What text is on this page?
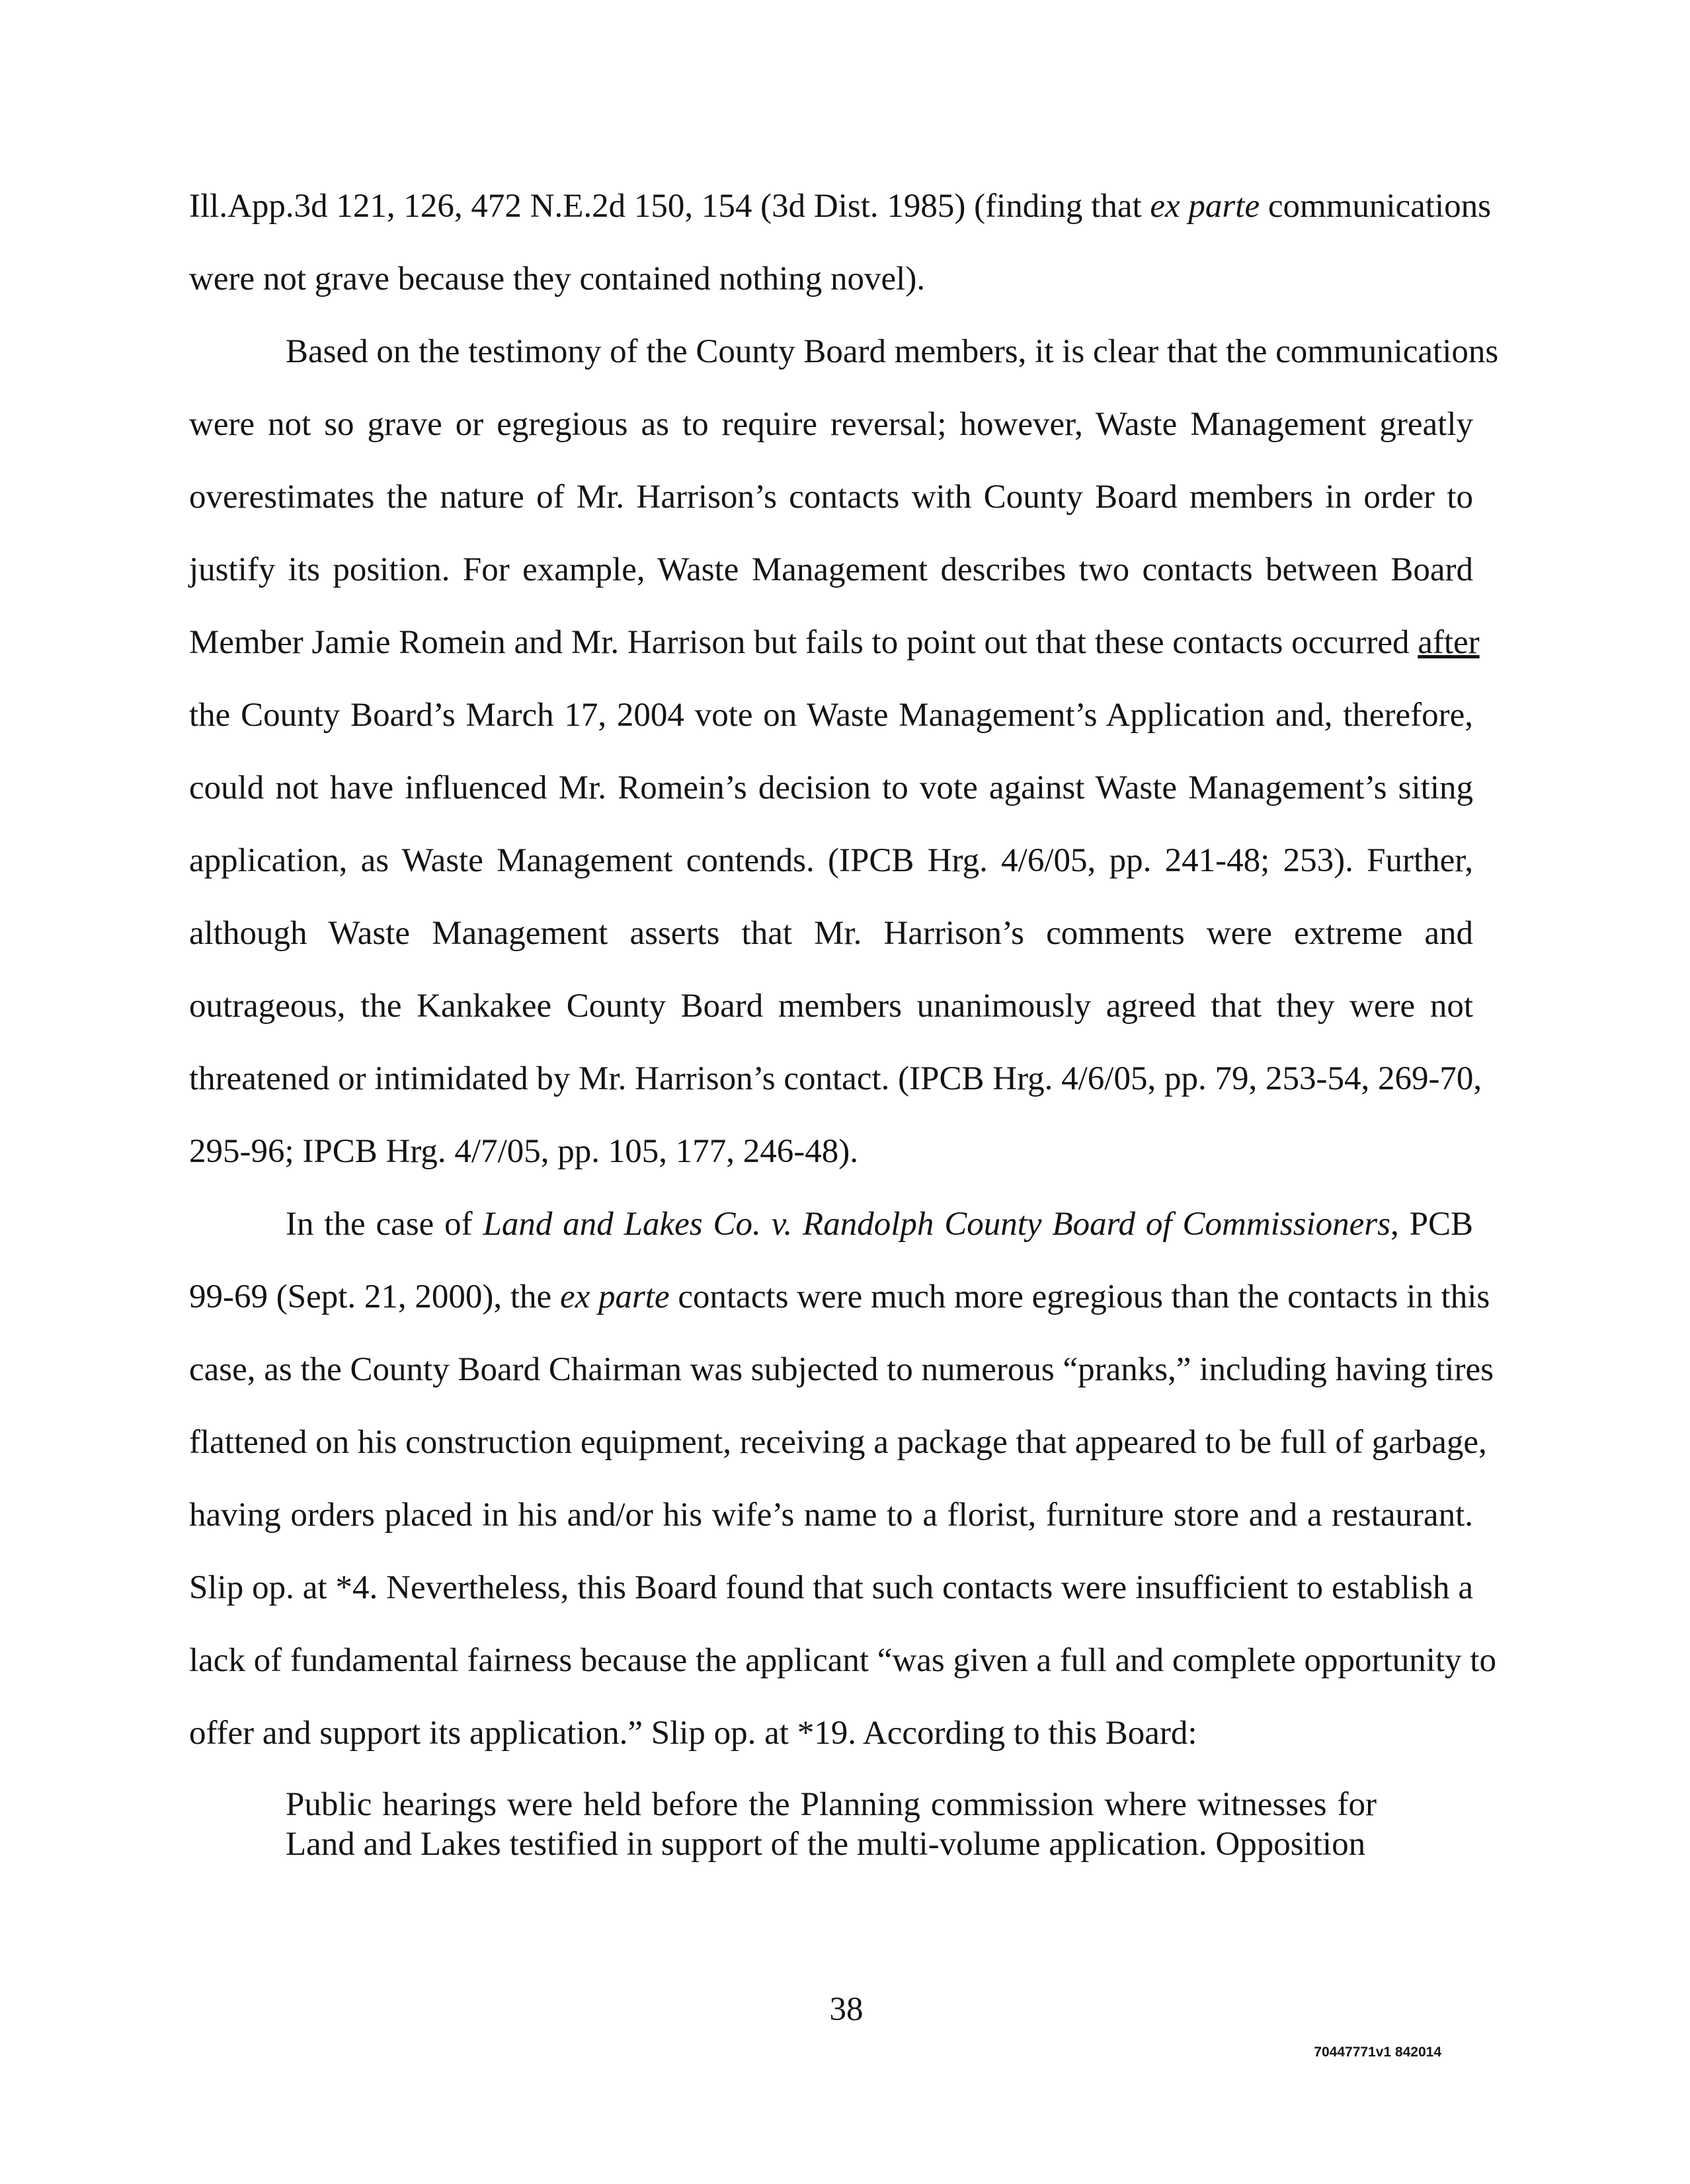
Ill.App.3d 121, 126, 472 N.E.2d 150, 154 (3d Dist. 1985) (finding that ex parte communications
were not grave because they contained nothing novel).
Based on the testimony of the County Board members, it is clear that the communications
were not so grave or egregious as to require reversal; however, Waste Management greatly
overestimates the nature of Mr. Harrison’s contacts with County Board members in order to
justify its position. For example, Waste Management describes two contacts between Board
Member Jamie Romein and Mr. Harrison but fails to point out that these contacts occurred after
the County Board’s March 17, 2004 vote on Waste Management’s Application and, therefore,
could not have influenced Mr. Romein’s decision to vote against Waste Management’s siting
application, as Waste Management contends. (IPCB Hrg. 4/6/05, pp. 241-48; 253). Further,
although Waste Management asserts that Mr. Harrison’s comments were extreme and
outrageous, the Kankakee County Board members unanimously agreed that they were not
threatened or intimidated by Mr. Harrison’s contact. (IPCB Hrg. 4/6/05, pp. 79, 253-54, 269-70,
295-96; IPCB Hrg. 4/7/05, pp. 105, 177, 246-48).
In the case of Land and Lakes Co. v. Randolph County Board of Commissioners, PCB
99-69 (Sept. 21, 2000), the ex parte contacts were much more egregious than the contacts in this
case, as the County Board Chairman was subjected to numerous “pranks,” including having tires
flattened on his construction equipment, receiving a package that appeared to be full of garbage,
having orders placed in his and/or his wife’s name to a florist, furniture store and a restaurant.
Slip op. at *4. Nevertheless, this Board found that such contacts were insufficient to establish a
lack of fundamental fairness because the applicant “was given a full and complete opportunity to
offer and support its application.” Slip op. at *19. According to this Board:
Public hearings were held before the Planning commission where witnesses for
Land and Lakes testified in support of the multi-volume application. Opposition
38
70447771v1 842014
